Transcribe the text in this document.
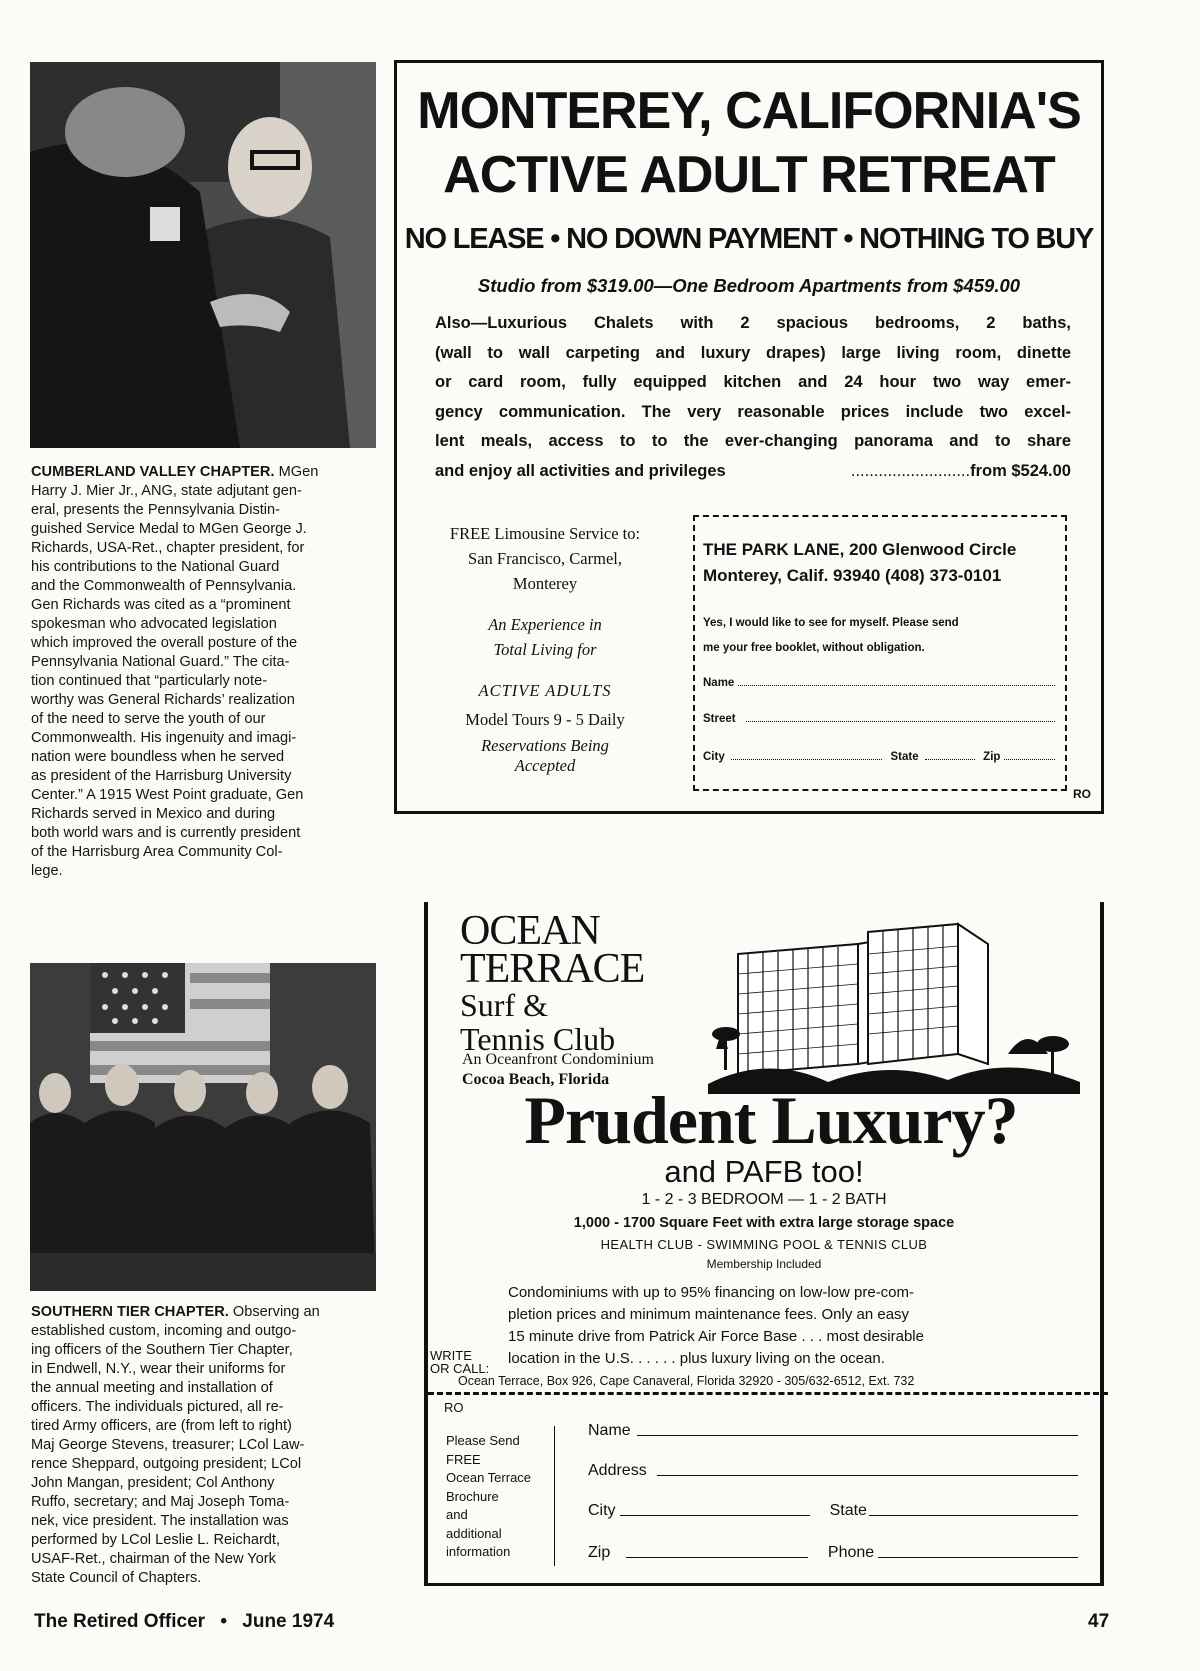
CUMBERLAND VALLEY CHAPTER. MGen
Harry J. Mier Jr., ANG, state adjutant gen-
eral, presents the Pennsylvania Distin-
guished Service Medal to MGen George J.
Richards, USA-Ret., chapter president, for
his contributions to the National Guard
and the Commonwealth of Pennsylvania.
Gen Richards was cited as a “prominent
spokesman who advocated legislation
which improved the overall posture of the
Pennsylvania National Guard.” The cita-
tion continued that “particularly note-
worthy was General Richards’ realization
of the need to serve the youth of our
Commonwealth. His ingenuity and imagi-
nation were boundless when he served
as president of the Harrisburg University
Center.” A 1915 West Point graduate, Gen
Richards served in Mexico and during
both world wars and is currently president
of the Harrisburg Area Community Col-
lege.
SOUTHERN TIER CHAPTER. Observing an
established custom, incoming and outgo-
ing officers of the Southern Tier Chapter,
in Endwell, N.Y., wear their uniforms for
the annual meeting and installation of
officers. The individuals pictured, all re-
tired Army officers, are (from left to right)
Maj George Stevens, treasurer; LCol Law-
rence Sheppard, outgoing president; LCol
John Mangan, president; Col Anthony
Ruffo, secretary; and Maj Joseph Toma-
nek, vice president. The installation was
performed by LCol Leslie L. Reichardt,
USAF-Ret., chairman of the New York
State Council of Chapters.
MONTEREY, CALIFORNIA'S
ACTIVE ADULT RETREAT
NO LEASE • NO DOWN PAYMENT • NOTHING TO BUY
Studio from $319.00—One Bedroom Apartments from $459.00
Also—Luxurious Chalets with 2 spacious bedrooms, 2 baths,
(wall to wall carpeting and luxury drapes) large living room, dinette
or card room, fully equipped kitchen and 24 hour two way emer-
gency communication. The very reasonable prices include two excel-
lent meals, access to to the ever-changing panorama and to share
and enjoy all activities and privileges	..........................from $524.00
FREE Limousine Service to:
San Francisco, Carmel,
Monterey
An Experience in
Total Living for
ACTIVE ADULTS
Model Tours 9 - 5 Daily
Reservations Being
Accepted
THE PARK LANE, 200 Glenwood Circle
Monterey, Calif. 93940 (408) 373-0101
Yes, I would like to see for myself. Please send
me your free booklet, without obligation.
Name
Street
City	State	Zip
RO
OCEAN
TERRACE
Surf &
Tennis Club
An Oceanfront Condominium
Cocoa Beach, Florida
Prudent Luxury?
and PAFB too!
1 - 2 - 3 BEDROOM — 1 - 2 BATH
1,000 - 1700 Square Feet with extra large storage space
HEALTH CLUB - SWIMMING POOL & TENNIS CLUB
Membership Included
Condominiums with up to 95% financing on low-low pre-com-
pletion prices and minimum maintenance fees. Only an easy
15 minute drive from Patrick Air Force Base . . . most desirable
location in the U.S. . . . . . plus luxury living on the ocean.
WRITE
OR CALL:
Ocean Terrace, Box 926, Cape Canaveral, Florida 32920 - 305/632-6512, Ext. 732
RO
Please Send
FREE
Ocean Terrace
Brochure
and
additional
information
Name
Address
City	State
Zip	Phone
The Retired Officer • June 1974	47
